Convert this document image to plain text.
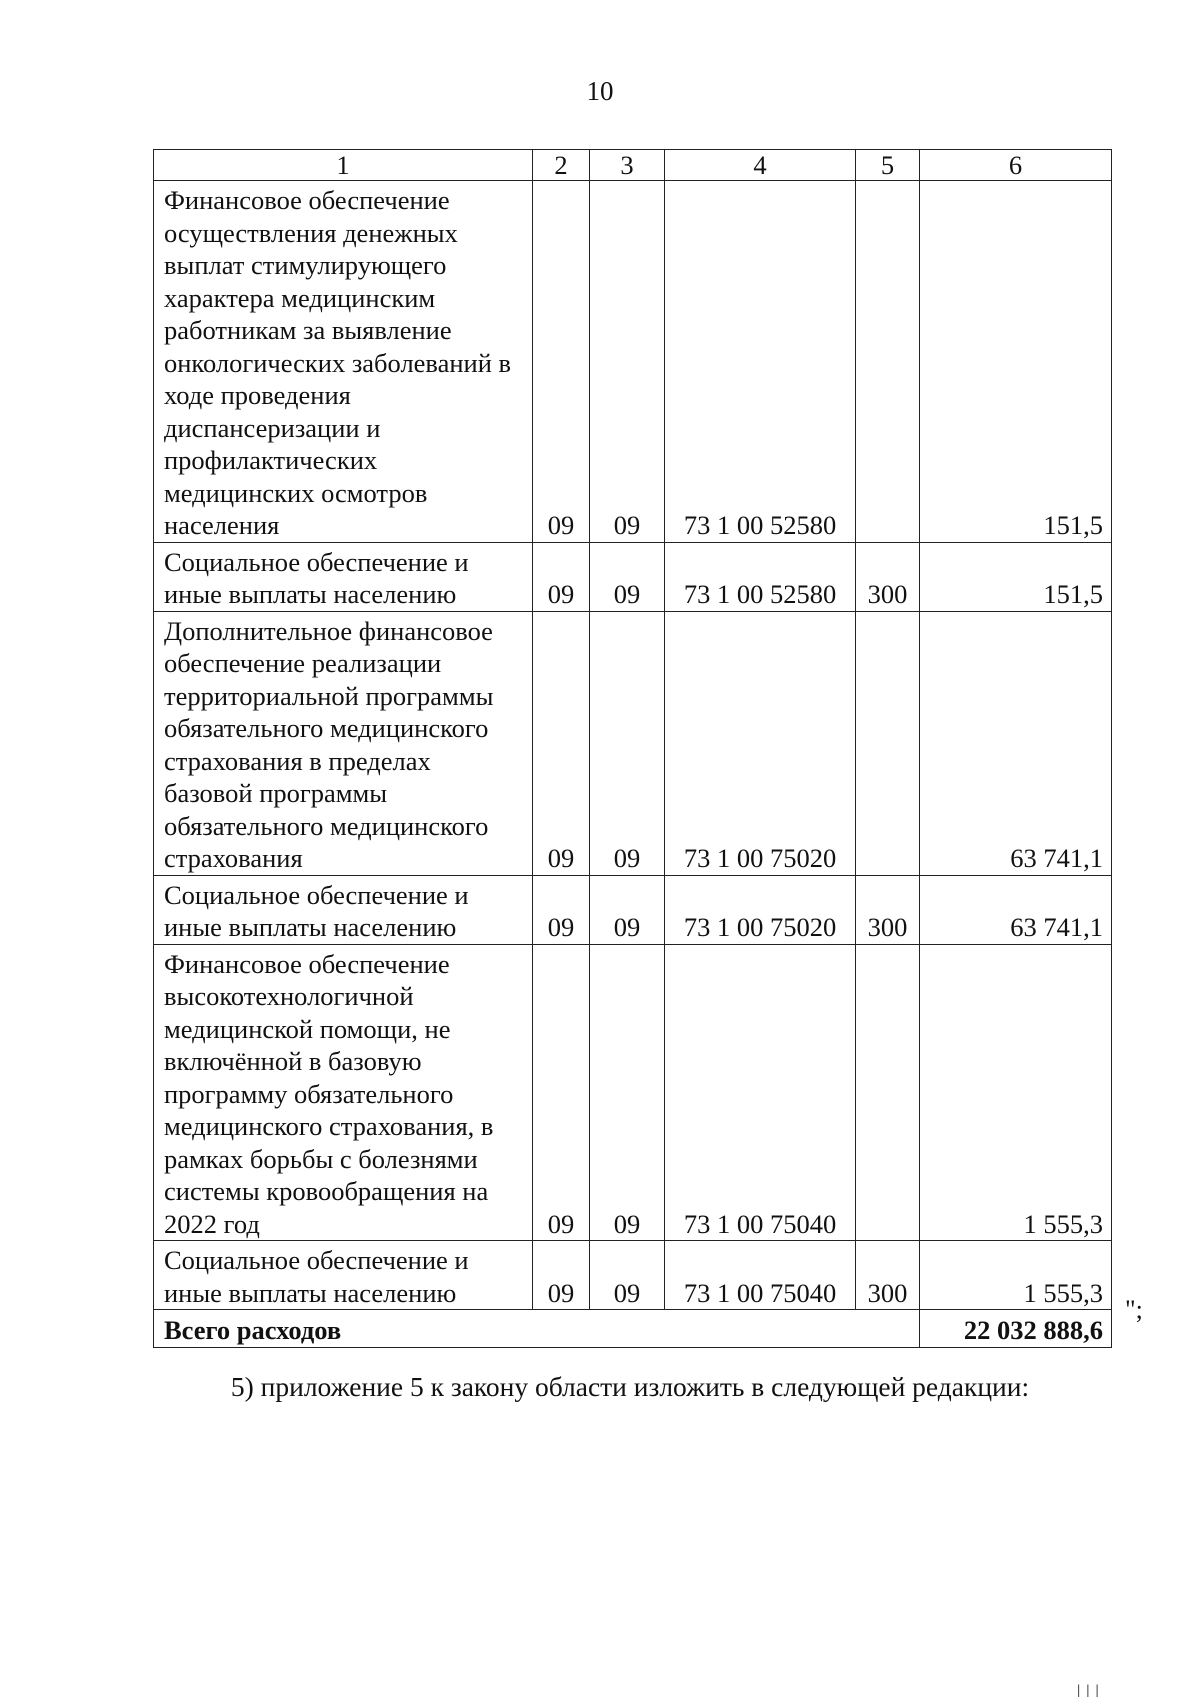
10
1	2	3	4	5	6
Финансовое обеспечение осуществления денежных выплат стимулирующего характера медицинским работникам за выявление онкологических заболеваний в ходе проведения диспансеризации и профилактических медицинских осмотров населения	09	09	73 1 00 52580		151,5
Социальное обеспечение и иные выплаты населению	09	09	73 1 00 52580	300	151,5
Дополнительное финансовое обеспечение реализации территориальной программы обязательного медицинского страхования в пределах базовой программы обязательного медицинского страхования	09	09	73 1 00 75020		63 741,1
Социальное обеспечение и иные выплаты населению	09	09	73 1 00 75020	300	63 741,1
Финансовое обеспечение высокотехнологичной медицинской помощи, не включённой в базовую программу обязательного медицинского страхования, в рамках борьбы с болезнями системы кровообращения на 2022 год	09	09	73 1 00 75040		1 555,3
Социальное обеспечение и иные выплаты населению	09	09	73 1 00 75040	300	1 555,3
Всего расходов					22 032 888,6
";
5) приложение 5 к закону области изложить в следующей редакции:
|||
